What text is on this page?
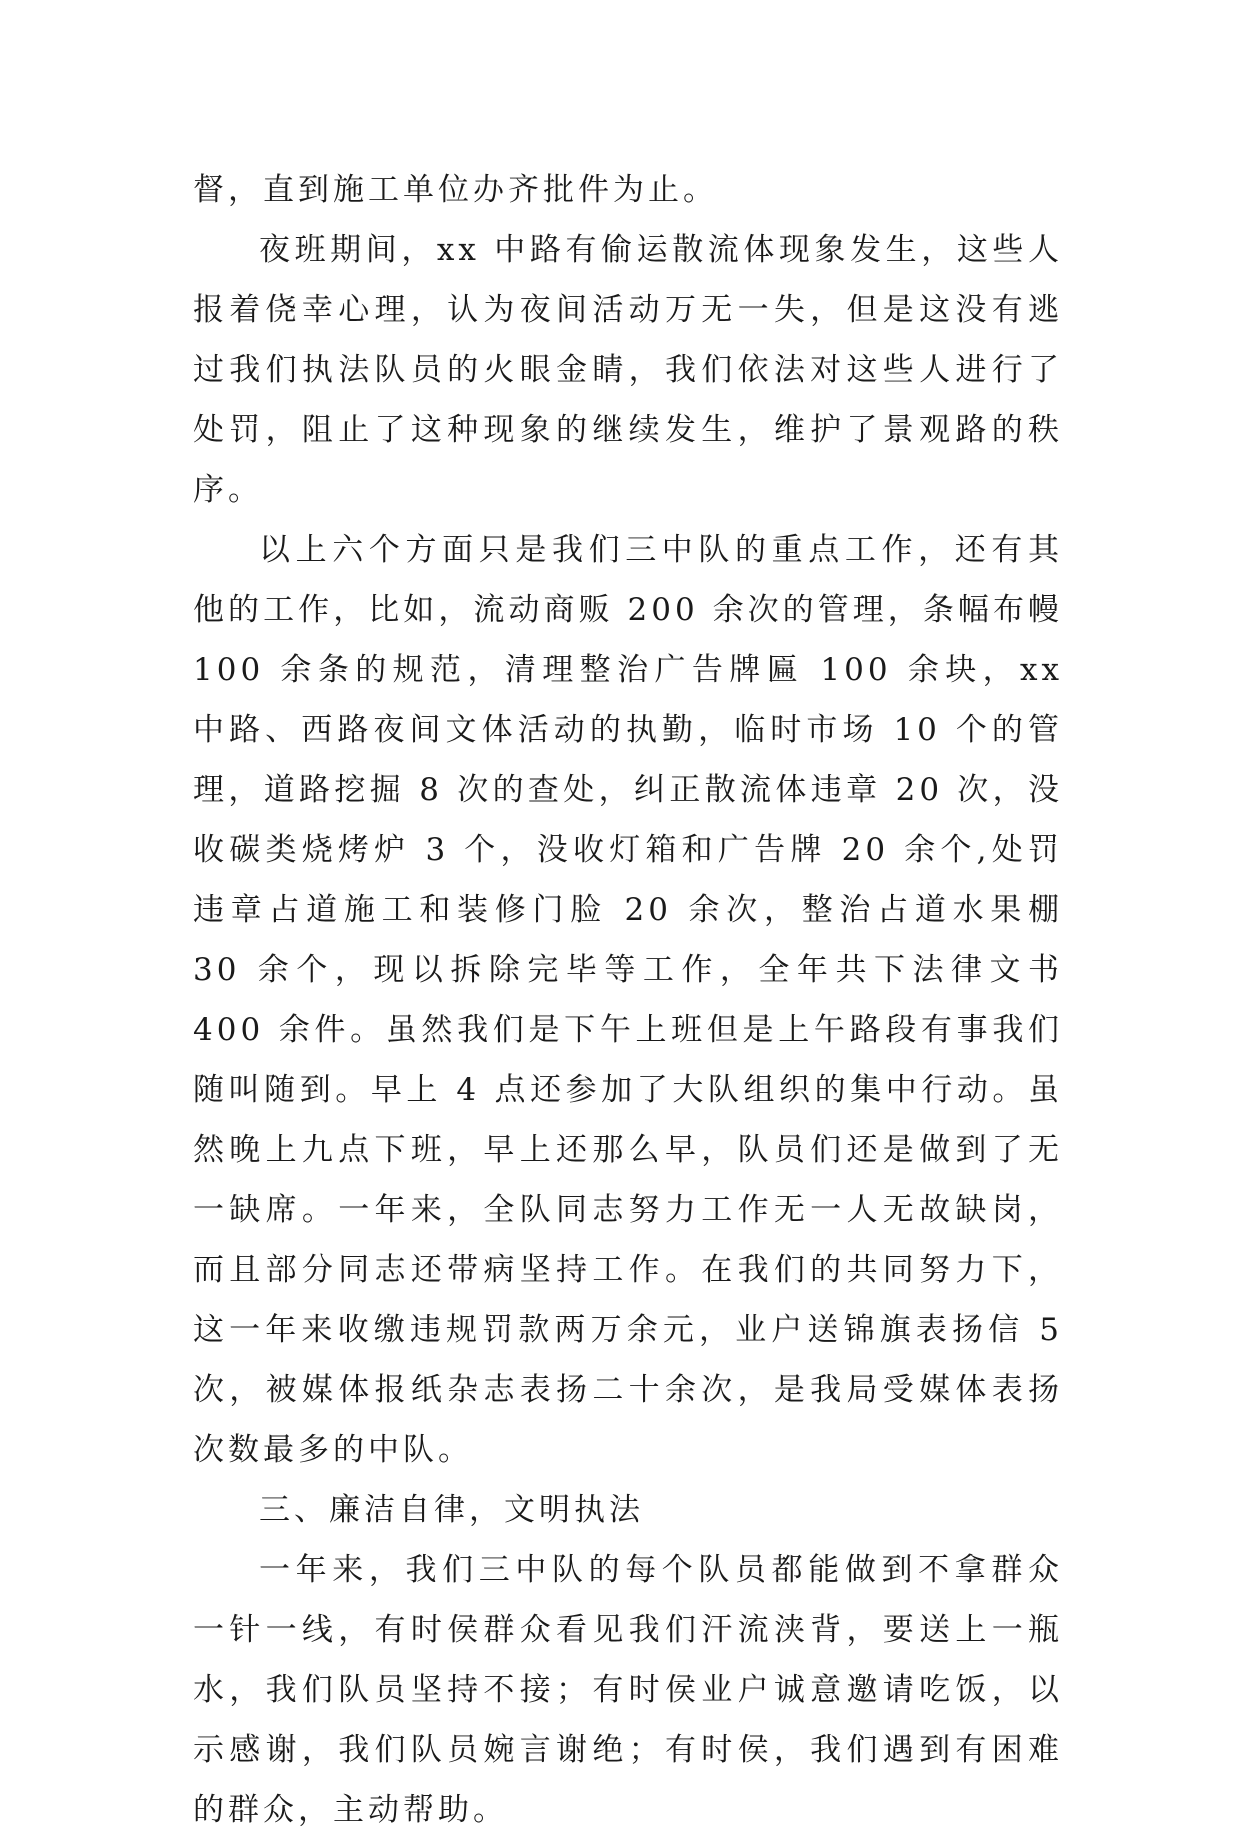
督，直到施工单位办齐批件为止。

夜班期间，xx 中路有偷运散流体现象发生，这些人报着侥幸心理，认为夜间活动万无一失，但是这没有逃过我们执法队员的火眼金睛，我们依法对这些人进行了处罚，阻止了这种现象的继续发生，维护了景观路的秩序。

以上六个方面只是我们三中队的重点工作，还有其他的工作，比如，流动商贩 200 余次的管理，条幅布幔 100 余条的规范，清理整治广告牌匾 100 余块，xx 中路、西路夜间文体活动的执勤，临时市场 10 个的管理，道路挖掘 8 次的查处，纠正散流体违章 20 次，没收碳类烧烤炉 3 个，没收灯箱和广告牌 20 余个,处罚违章占道施工和装修门脸 20 余次，整治占道水果棚 30 余个，现以拆除完毕等工作，全年共下法律文书 400 余件。虽然我们是下午上班但是上午路段有事我们随叫随到。早上 4 点还参加了大队组织的集中行动。虽然晚上九点下班，早上还那么早，队员们还是做到了无一缺席。一年来，全队同志努力工作无一人无故缺岗，而且部分同志还带病坚持工作。在我们的共同努力下，这一年来收缴违规罚款两万余元，业户送锦旗表扬信 5 次，被媒体报纸杂志表扬二十余次，是我局受媒体表扬次数最多的中队。

三、廉洁自律，文明执法

一年来，我们三中队的每个队员都能做到不拿群众一针一线，有时侯群众看见我们汗流浃背，要送上一瓶水，我们队员坚持不接；有时侯业户诚意邀请吃饭，以示感谢，我们队员婉言谢绝；有时侯，我们遇到有困难的群众，主动帮助。
